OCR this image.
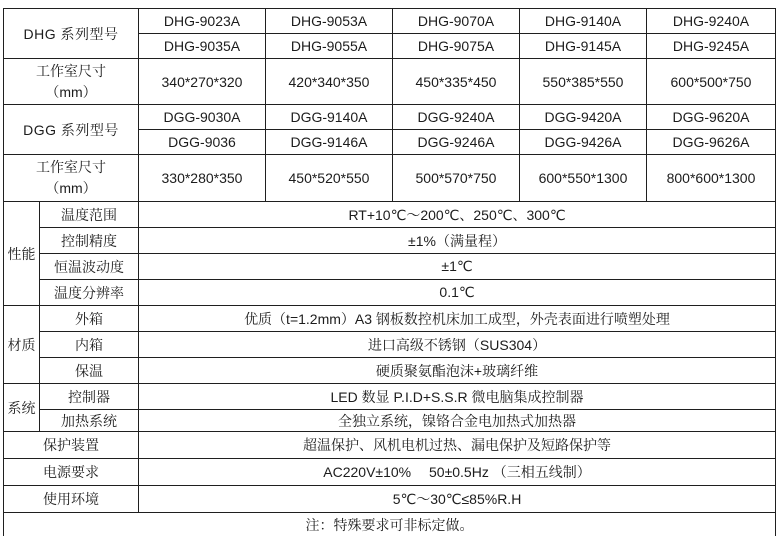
DHG 系列型号		DHG-9023A	DHG-9053A	DHG-9070A	DHG-9140A	DHG-9240A
		DHG-9035A	DHG-9055A	DHG-9075A	DHG-9145A	DHG-9245A
工作室尺寸
（mm）		340*270*320	420*340*350	450*335*450	550*385*550	600*500*750
DGG 系列型号		DGG-9030A	DGG-9140A	DGG-9240A	DGG-9420A	DGG-9620A
		DGG-9036	DGG-9146A	DGG-9246A	DGG-9426A	DGG-9626A
工作室尺寸
（mm）		330*280*350	450*520*550	500*570*750	600*550*1300	800*600*1300
性能	温度范围	RT+10℃～200℃、250℃、300℃				
	控制精度	±1%（满量程）				
	恒温波动度	±1℃				
	温度分辨率	0.1℃				
材质	外箱	优质（t=1.2mm）A3 钢板数控机床加工成型，外壳表面进行喷塑处理				
	内箱	进口高级不锈钢（SUS304）				
	保温	硬质聚氨酯泡沫+玻璃纤维				
系统	控制器	LED 数显 P.I.D+S.S.R 微电脑集成控制器				
	加热系统	全独立系统，镍铬合金电加热式加热器				
保护装置		超温保护、风机电机过热、漏电保护及短路保护等				
电源要求		AC220V±10%　 50±0.5Hz （三相五线制）				
使用环境		5℃～30℃≤85%R.H				
注：特殊要求可非标定做。						
